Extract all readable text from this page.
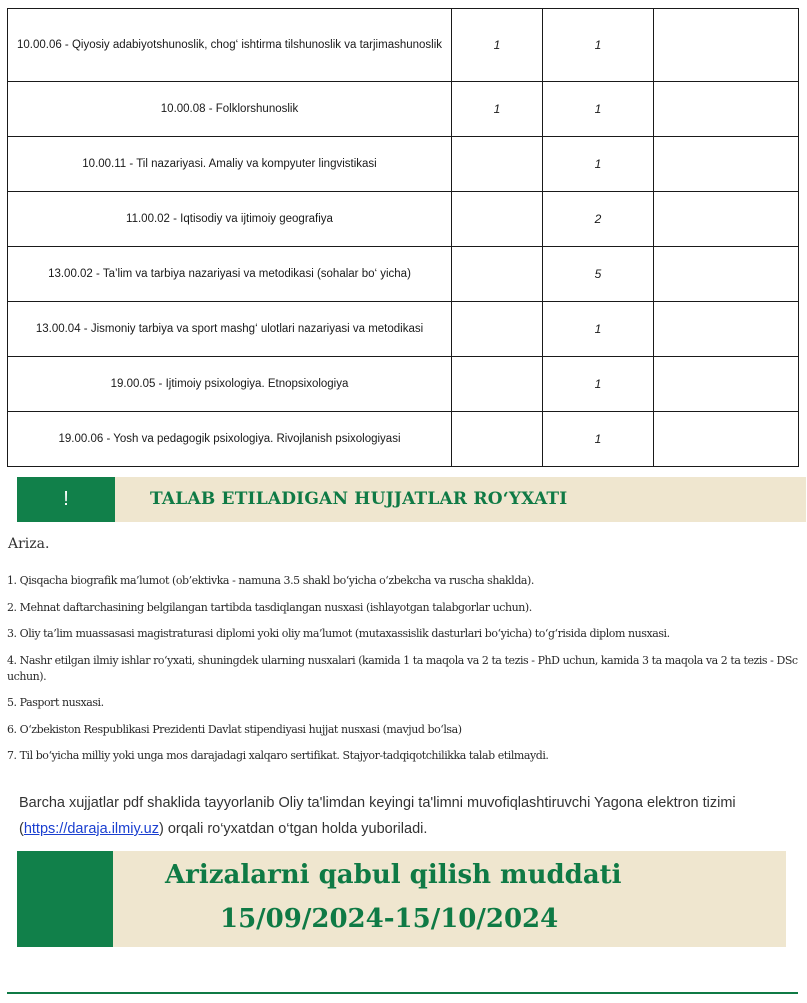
10.00.06 - Qiyosiy adabiyotshunoslik, chog‘ ishtirma tilshunoslik va tarjimashunoslik	1	1	
10.00.08 - Folklorshunoslik	1	1	
10.00.11 - Til nazariyasi. Amaliy va kompyuter lingvistikasi		1	
11.00.02 - Iqtisodiy va ijtimoiy geografiya		2	
13.00.02 - Ta’lim va tarbiya nazariyasi va metodikasi (sohalar bo‘ yicha)		5	
13.00.04 - Jismoniy tarbiya va sport mashg‘ ulotlari nazariyasi va metodikasi		1	
19.00.05 - Ijtimoiy psixologiya. Etnopsixologiya		1	
19.00.06 - Yosh va pedagogik psixologiya. Rivojlanish psixologiyasi		1	
!	TALAB ETILADIGAN HUJJATLAR RO‘YXATI
Ariza.
1. Qisqacha biografik ma’lumot (ob’ektivka - namuna 3.5 shakl bo‘yicha o‘zbekcha va ruscha shaklda).
2. Mehnat daftarchasining belgilangan tartibda tasdiqlangan nusxasi (ishlayotgan talabgorlar uchun).
3. Oliy ta’lim muassasasi magistraturasi diplomi yoki oliy ma’lumot (mutaxassislik dasturlari bo‘yicha) to‘g‘risida diplom nusxasi.
4. Nashr etilgan ilmiy ishlar ro‘yxati, shuningdek ularning nusxalari (kamida 1 ta maqola va 2 ta tezis - PhD uchun, kamida 3 ta maqola va 2 ta tezis - DSc uchun).
5. Pasport nusxasi.
6. O‘zbekiston Respublikasi Prezidenti Davlat stipendiyasi hujjat nusxasi (mavjud bo‘lsa)
7. Til bo‘yicha milliy yoki unga mos darajadagi xalqaro sertifikat. Stajyor-tadqiqotchilikka talab etilmaydi.
Barcha xujjatlar pdf shaklida tayyorlanib Oliy ta'limdan keyingi ta'limni muvofiqlashtiruvchi Yagona elektron tizimi (https://daraja.ilmiy.uz) orqali ro‘yxatdan o‘tgan holda yuboriladi.
Arizalarni qabul qilish muddati
15/09/2024-15/10/2024
